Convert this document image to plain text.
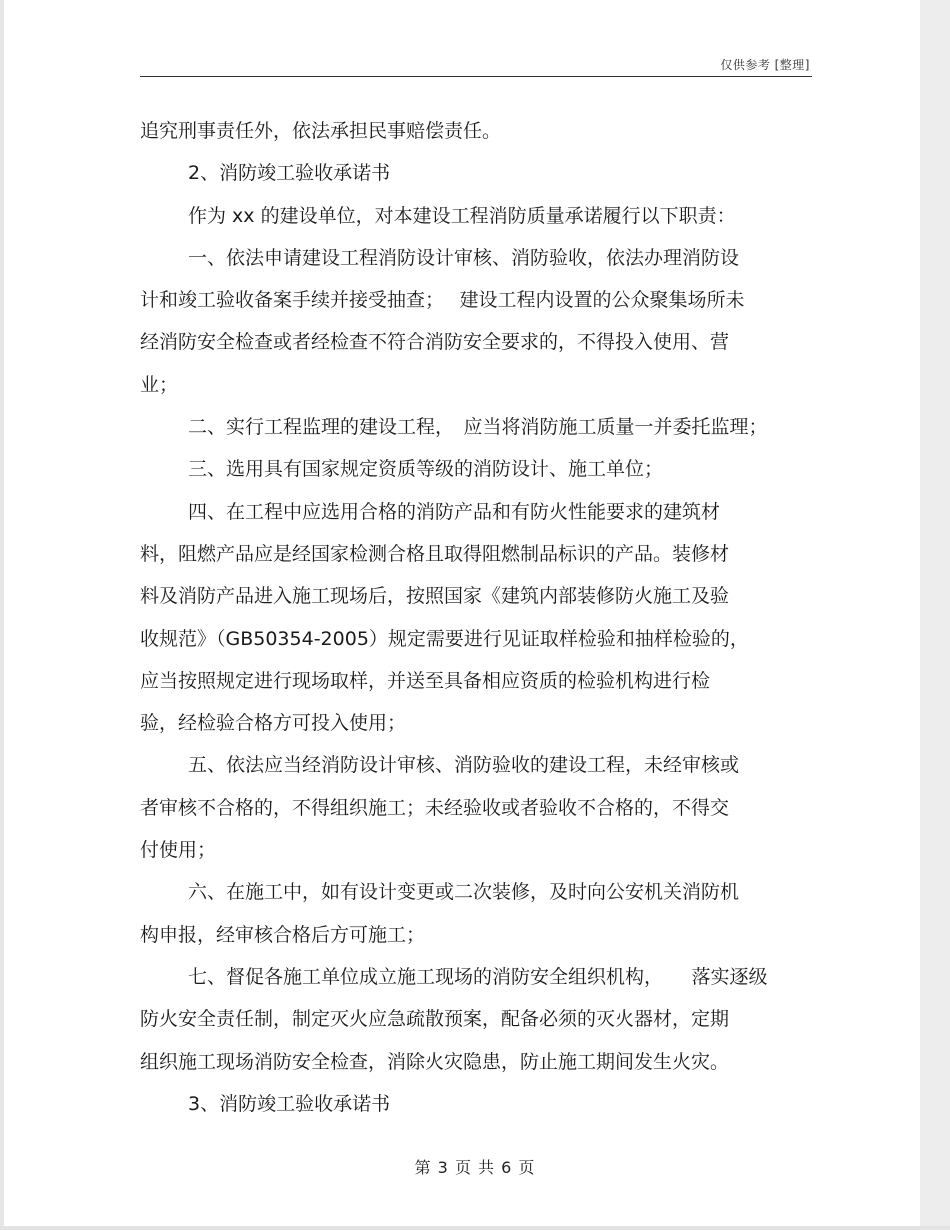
仅供参考 [整理]
追究刑事责任外，依法承担民事赔偿责任。
2、消防竣工验收承诺书
作为 xx 的建设单位，对本建设工程消防质量承诺履行以下职责：
一、依法申请建设工程消防设计审核、消防验收，依法办理消防设
计和竣工验收备案手续并接受抽查；　 建设工程内设置的公众聚集场所未
经消防安全检查或者经检查不符合消防安全要求的，不得投入使用、营
业；
二、实行工程监理的建设工程，　应当将消防施工质量一并委托监理；
三、选用具有国家规定资质等级的消防设计、施工单位；
四、在工程中应选用合格的消防产品和有防火性能要求的建筑材
料，阻燃产品应是经国家检测合格且取得阻燃制品标识的产品。装修材
料及消防产品进入施工现场后，按照国家《建筑内部装修防火施工及验
收规范》（GB50354-2005）规定需要进行见证取样检验和抽样检验的，
应当按照规定进行现场取样，并送至具备相应资质的检验机构进行检
验，经检验合格方可投入使用；
五、依法应当经消防设计审核、消防验收的建设工程，未经审核或
者审核不合格的，不得组织施工；未经验收或者验收不合格的，不得交
付使用；
六、在施工中，如有设计变更或二次装修，及时向公安机关消防机
构申报，经审核合格后方可施工；
七、督促各施工单位成立施工现场的消防安全组织机构，　　落实逐级
防火安全责任制，制定灭火应急疏散预案，配备必须的灭火器材，定期
组织施工现场消防安全检查，消除火灾隐患，防止施工期间发生火灾。
3、消防竣工验收承诺书
第 3 页 共 6 页
